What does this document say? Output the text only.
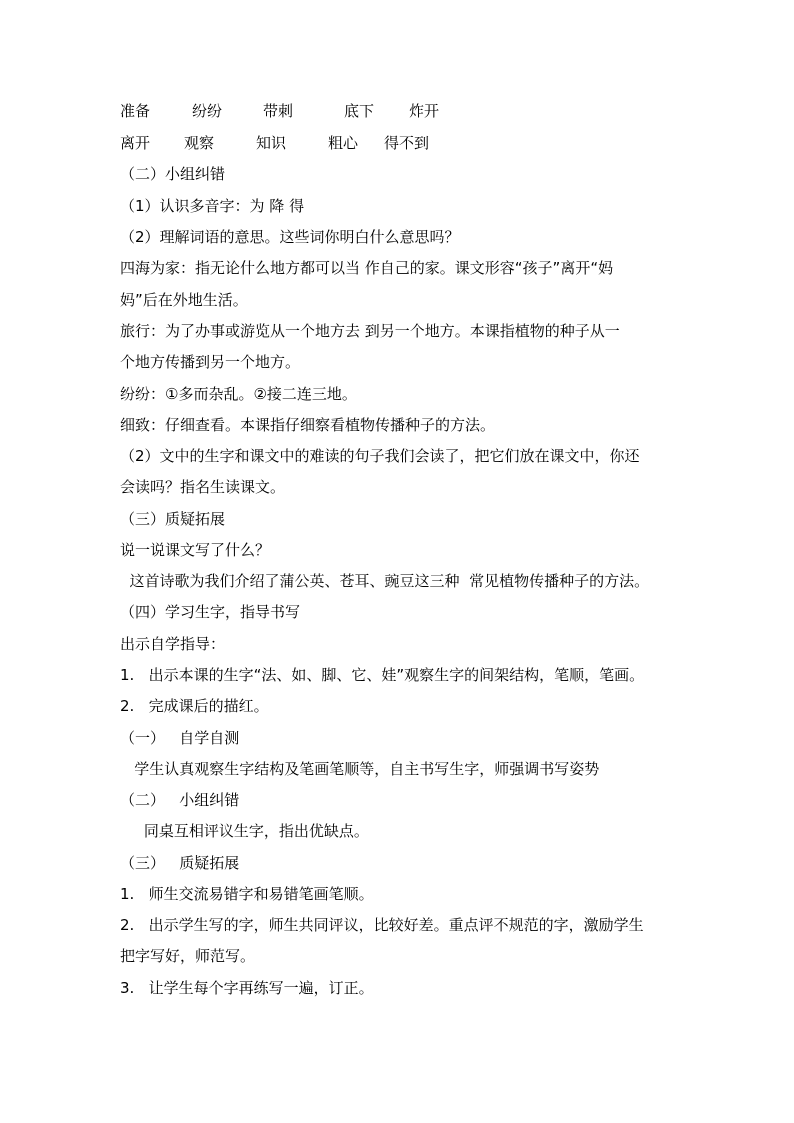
准备	纷纷	带刺	底下 炸开
离开 观察	知识	粗心 得不到
（二）小组纠错
（1）认识多音字：为 降 得
（2）理解词语的意思。这些词你明白什么意思吗？
四海为家：指无论什么地方都可以当 作自己的家。课文形容“孩子”离开“妈
妈”后在外地生活。
旅行：为了办事或游览从一个地方去 到另一个地方。本课指植物的种子从一
个地方传播到另一个地方。
纷纷：①多而杂乱。②接二连三地。
细致：仔细查看。本课指仔细察看植物传播种子的方法。
（2）文中的生字和课文中的难读的句子我们会读了，把它们放在课文中，你还
会读吗？指名生读课文。
（三）质疑拓展
说一说课文写了什么？
这首诗歌为我们介绍了蒲公英、苍耳、豌豆这三种  常见植物传播种子的方法。
（四）学习生字，指导书写
出示自学指导：
1.   出示本课的生字“法、如、脚、它、娃”观察生字的间架结构，笔顺，笔画。
2.   完成课后的描红。
（一）   自学自测
学生认真观察生字结构及笔画笔顺等，自主书写生字，师强调书写姿势
（二）   小组纠错
同桌互相评议生字，指出优缺点。
（三）   质疑拓展
1.   师生交流易错字和易错笔画笔顺。
2.   出示学生写的字，师生共同评议，比较好差。重点评不规范的字，激励学生
把字写好，师范写。
3.   让学生每个字再练写一遍，订正。
